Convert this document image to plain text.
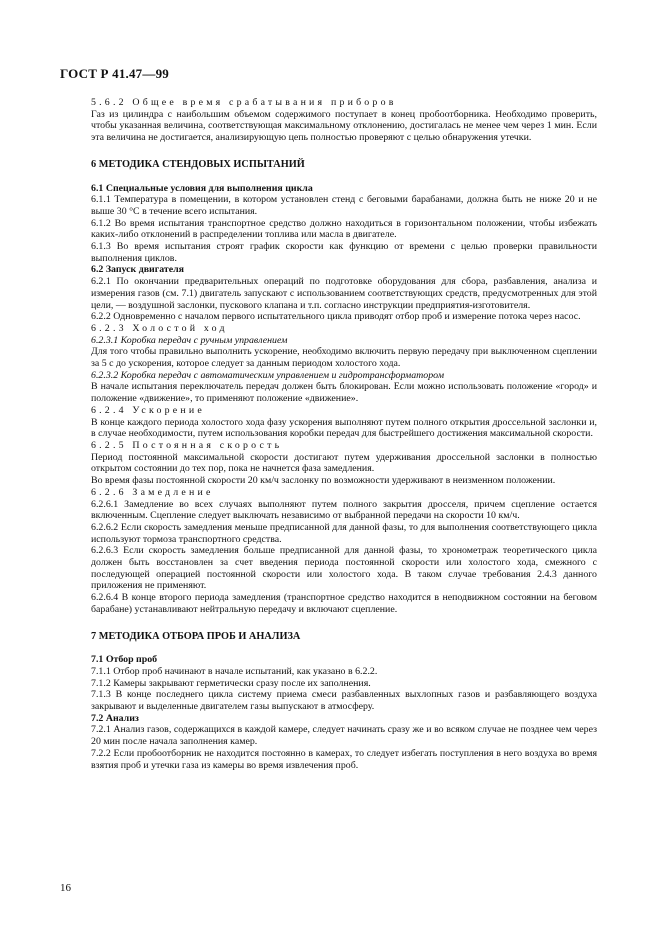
ГОСТ Р 41.47—99

5.6.2 Общее время срабатывания приборов

Газ из цилиндра с наибольшим объемом содержимого поступает в конец пробоотборника. Необходимо проверить, чтобы указанная величина, соответствующая максимальному отклонению, достигалась не менее чем через 1 мин. Если эта величина не достигается, анализирующую цепь полностью проверяют с целью обнаружения утечки.

6 МЕТОДИКА СТЕНДОВЫХ ИСПЫТАНИЙ

6.1 Специальные условия для выполнения цикла

6.1.1 Температура в помещении, в котором установлен стенд с беговыми барабанами, должна быть не ниже 20 и не выше 30 °С в течение всего испытания.

6.1.2 Во время испытания транспортное средство должно находиться в горизонтальном положении, чтобы избежать каких-либо отклонений в распределении топлива или масла в двигателе.

6.1.3 Во время испытания строят график скорости как функцию от времени с целью проверки правильности выполнения циклов.

6.2 Запуск двигателя

6.2.1 По окончании предварительных операций по подготовке оборудования для сбора, разбавления, анализа и измерения газов (см. 7.1) двигатель запускают с использованием соответствующих средств, предусмотренных для этой цели, — воздушной заслонки, пускового клапана и т.п. согласно инструкции предприятия-изготовителя.

6.2.2 Одновременно с началом первого испытательного цикла приводят отбор проб и измерение потока через насос.

6.2.3 Холостой ход

6.2.3.1 Коробка передач с ручным управлением

Для того чтобы правильно выполнить ускорение, необходимо включить первую передачу при выключенном сцеплении за 5 с до ускорения, которое следует за данным периодом холостого хода.

6.2.3.2 Коробка передач с автоматическим управлением и гидротрансформатором

В начале испытания переключатель передач должен быть блокирован. Если можно использовать положение «город» и положение «движение», то применяют положение «движение».

6.2.4 Ускорение

В конце каждого периода холостого хода фазу ускорения выполняют путем полного открытия дроссельной заслонки и, в случае необходимости, путем использования коробки передач для быстрейшего достижения максимальной скорости.

6.2.5 Постоянная скорость

Период постоянной максимальной скорости достигают путем удерживания дроссельной заслонки в полностью открытом состоянии до тех пор, пока не начнется фаза замедления.

Во время фазы постоянной скорости 20 км/ч заслонку по возможности удерживают в неизменном положении.

6.2.6 Замедление

6.2.6.1 Замедление во всех случаях выполняют путем полного закрытия дросселя, причем сцепление остается включенным. Сцепление следует выключать независимо от выбранной передачи на скорости 10 км/ч.

6.2.6.2 Если скорость замедления меньше предписанной для данной фазы, то для выполнения соответствующего цикла используют тормоза транспортного средства.

6.2.6.3 Если скорость замедления больше предписанной для данной фазы, то хронометраж теоретического цикла должен быть восстановлен за счет введения периода постоянной скорости или холостого хода, смежного с последующей операцией постоянной скорости или холостого хода. В таком случае требования 2.4.3 данного приложения не применяют.

6.2.6.4 В конце второго периода замедления (транспортное средство находится в неподвижном состоянии на беговом барабане) устанавливают нейтральную передачу и включают сцепление.

7 МЕТОДИКА ОТБОРА ПРОБ И АНАЛИЗА

7.1 Отбор проб

7.1.1 Отбор проб начинают в начале испытаний, как указано в 6.2.2.

7.1.2 Камеры закрывают герметически сразу после их заполнения.

7.1.3 В конце последнего цикла систему приема смеси разбавленных выхлопных газов и разбавляющего воздуха закрывают и выделенные двигателем газы выпускают в атмосферу.

7.2 Анализ

7.2.1 Анализ газов, содержащихся в каждой камере, следует начинать сразу же и во всяком случае не позднее чем через 20 мин после начала заполнения камер.

7.2.2 Если пробоотборник не находится постоянно в камерах, то следует избегать поступления в него воздуха во время взятия проб и утечки газа из камеры во время извлечения проб.

16
